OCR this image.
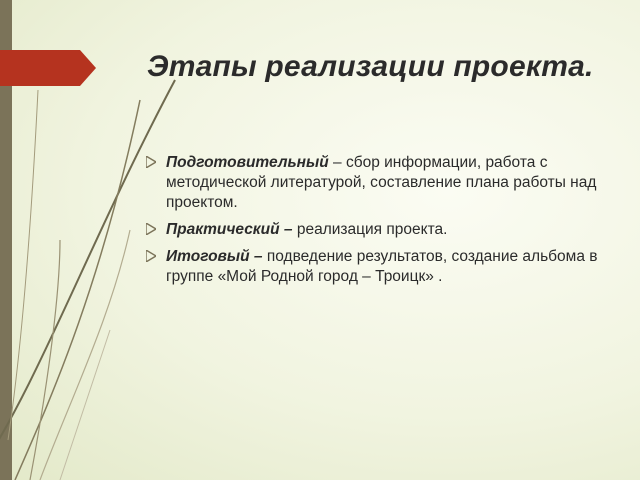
Этапы реализации проекта.
Подготовительный – сбор информации, работа с методической литературой, составление плана работы над проектом.
Практический – реализация проекта.
Итоговый – подведение результатов, создание альбома в группе «Мой Родной город – Троицк» .
